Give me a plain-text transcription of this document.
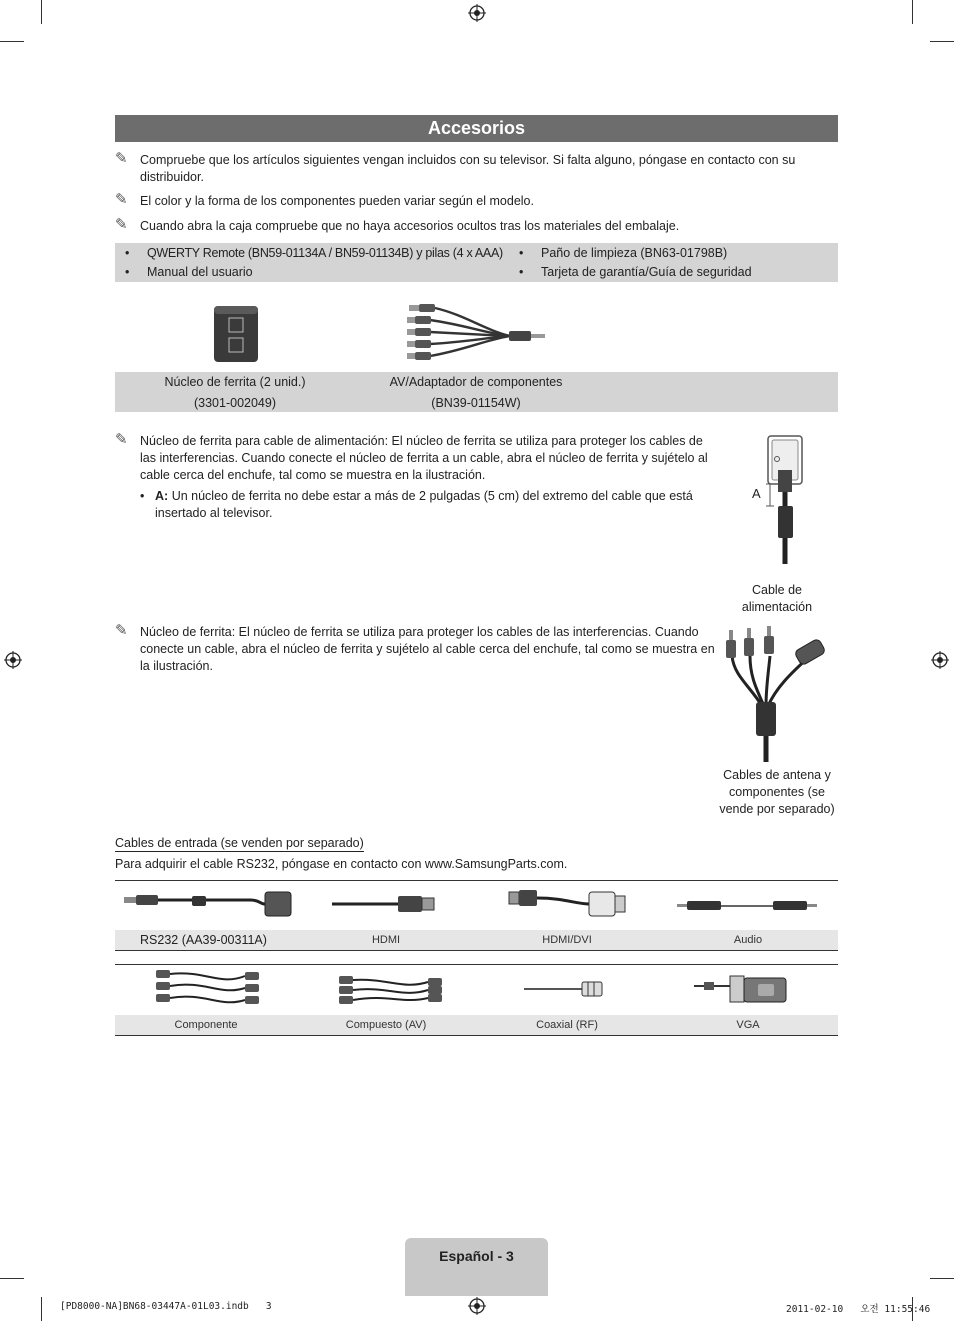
Accesorios
✎ Compruebe que los artículos siguientes vengan incluidos con su televisor. Si falta alguno, póngase en contacto con su distribuidor.
✎ El color y la forma de los componentes pueden variar según el modelo.
✎ Cuando abra la caja compruebe que no haya accesorios ocultos tras los materiales del embalaje.
• QWERTY Remote (BN59-01134A / BN59-01134B) y pilas (4 x AAA)
• Manual del usuario
• Paño de limpieza (BN63-01798B)
• Tarjeta de garantía/Guía de seguridad
Núcleo de ferrita (2 unid.)
(3301-002049)
AV/Adaptador de componentes
(BN39-01154W)
✎ Núcleo de ferrita para cable de alimentación: El núcleo de ferrita se utiliza para proteger los cables de las interferencias. Cuando conecte el núcleo de ferrita a un cable, abra el núcleo de ferrita y sujételo al cable cerca del enchufe, tal como se muestra en la ilustración.
• A: Un núcleo de ferrita no debe estar a más de 2 pulgadas (5 cm) del extremo del cable que está insertado al televisor.
A
Cable de alimentación
✎ Núcleo de ferrita: El núcleo de ferrita se utiliza para proteger los cables de las interferencias. Cuando conecte un cable, abra el núcleo de ferrita y sujételo al cable cerca del enchufe, tal como se muestra en la ilustración.
Cables de antena y componentes (se vende por separado)
Cables de entrada (se venden por separado)
Para adquirir el cable RS232, póngase en contacto con www.SamsungParts.com.
RS232 (AA39-00311A)	HDMI	HDMI/DVI	Audio
Componente	Compuesto (AV)	Coaxial (RF)	VGA
Español - 3
[PD8000-NA]BN68-03447A-01L03.indb   3	2011-02-10   오전 11:55:46
